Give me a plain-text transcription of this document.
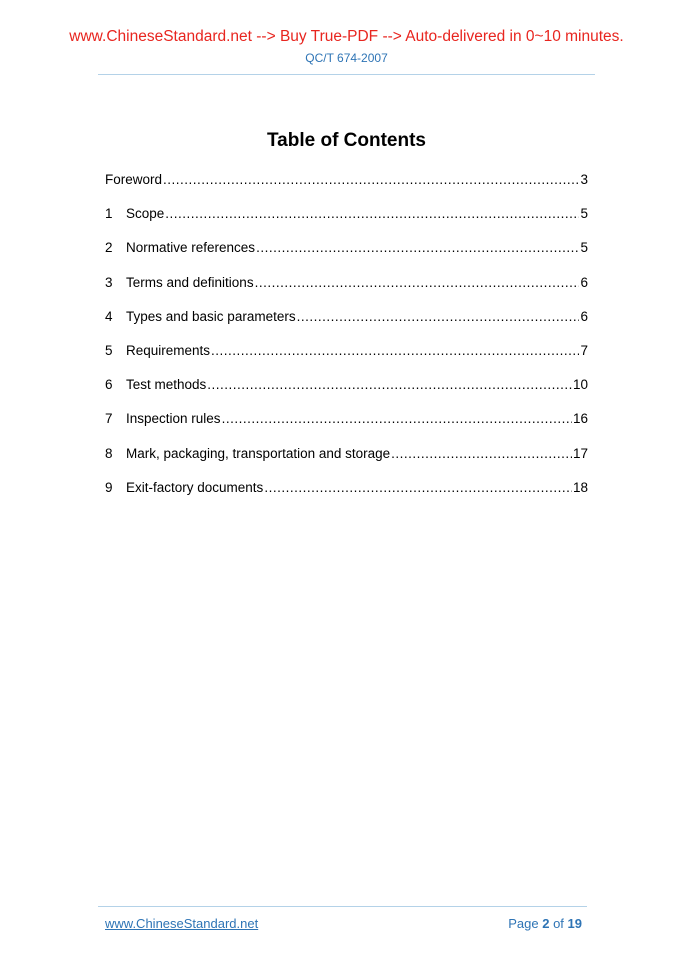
www.ChineseStandard.net --> Buy True-PDF --> Auto-delivered in 0~10 minutes.
QC/T 674-2007
Table of Contents
Foreword .....	3
1 Scope .....	5
2 Normative references .....	5
3 Terms and definitions .....	6
4 Types and basic parameters .....	6
5 Requirements .....	7
6 Test methods .....	10
7 Inspection rules .....	16
8 Mark, packaging, transportation and storage .....	17
9 Exit-factory documents .....	18
www.ChineseStandard.net	Page 2 of 19
